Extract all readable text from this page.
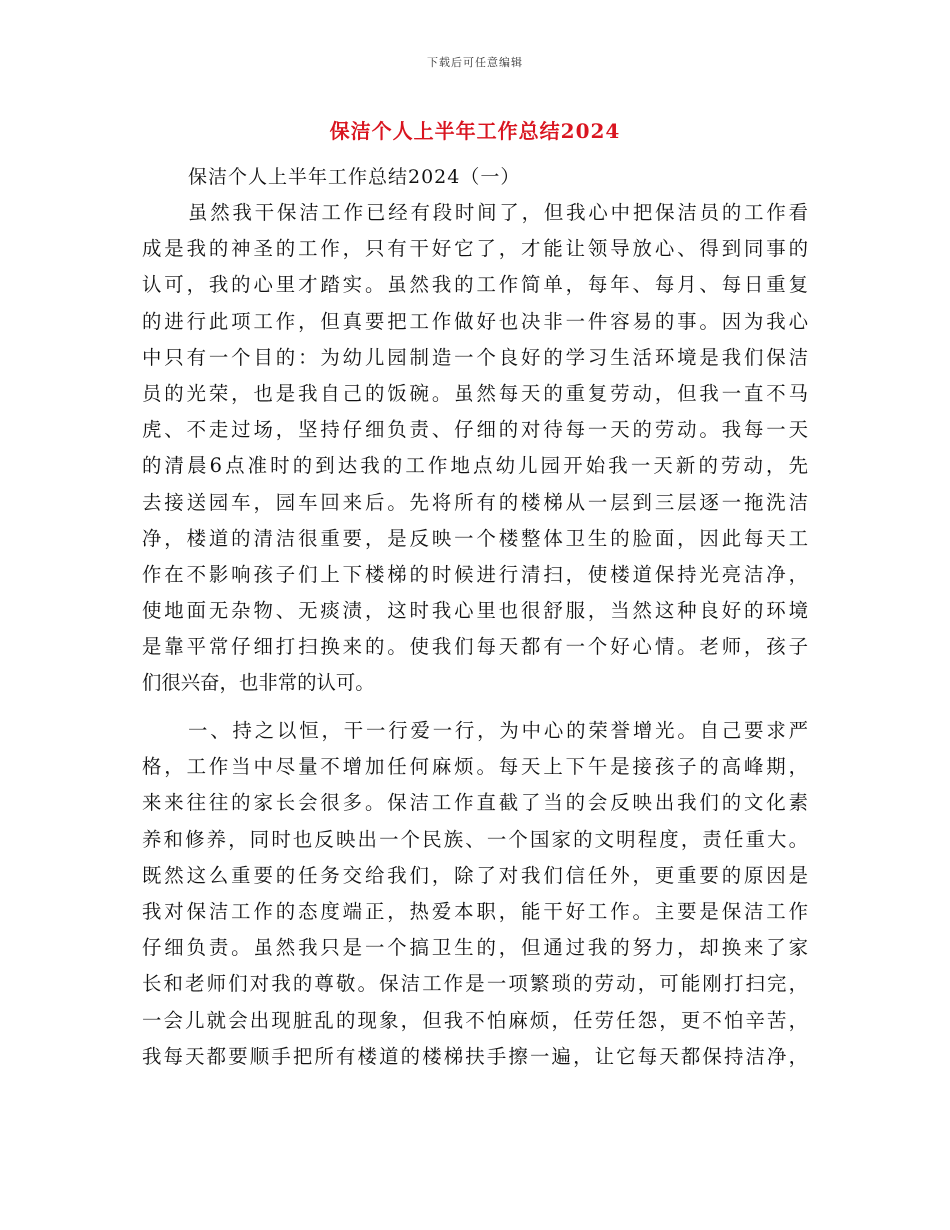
下载后可任意编辑
保洁个人上半年工作总结2024
保洁个人上半年工作总结2024（一）
虽然我干保洁工作已经有段时间了，但我心中把保洁员的工作看
成是我的神圣的工作，只有干好它了，才能让领导放心、得到同事的
认可，我的心里才踏实。虽然我的工作简单，每年、每月、每日重复
的进行此项工作，但真要把工作做好也决非一件容易的事。因为我心
中只有一个目的：为幼儿园制造一个良好的学习生活环境是我们保洁
员的光荣，也是我自己的饭碗。虽然每天的重复劳动，但我一直不马
虎、不走过场，坚持仔细负责、仔细的对待每一天的劳动。我每一天
的清晨6点准时的到达我的工作地点幼儿园开始我一天新的劳动，先
去接送园车，园车回来后。先将所有的楼梯从一层到三层逐一拖洗洁
净，楼道的清洁很重要，是反映一个楼整体卫生的脸面，因此每天工
作在不影响孩子们上下楼梯的时候进行清扫，使楼道保持光亮洁净，
使地面无杂物、无痰渍，这时我心里也很舒服，当然这种良好的环境
是靠平常仔细打扫换来的。使我们每天都有一个好心情。老师，孩子
们很兴奋，也非常的认可。
一、持之以恒，干一行爱一行，为中心的荣誉增光。自己要求严
格，工作当中尽量不增加任何麻烦。每天上下午是接孩子的高峰期，
来来往往的家长会很多。保洁工作直截了当的会反映出我们的文化素
养和修养，同时也反映出一个民族、一个国家的文明程度，责任重大。
既然这么重要的任务交给我们，除了对我们信任外，更重要的原因是
我对保洁工作的态度端正，热爱本职，能干好工作。主要是保洁工作
仔细负责。虽然我只是一个搞卫生的，但通过我的努力，却换来了家
长和老师们对我的尊敬。保洁工作是一项繁琐的劳动，可能刚打扫完，
一会儿就会出现脏乱的现象，但我不怕麻烦，任劳任怨，更不怕辛苦，
我每天都要顺手把所有楼道的楼梯扶手擦一遍，让它每天都保持洁净，
